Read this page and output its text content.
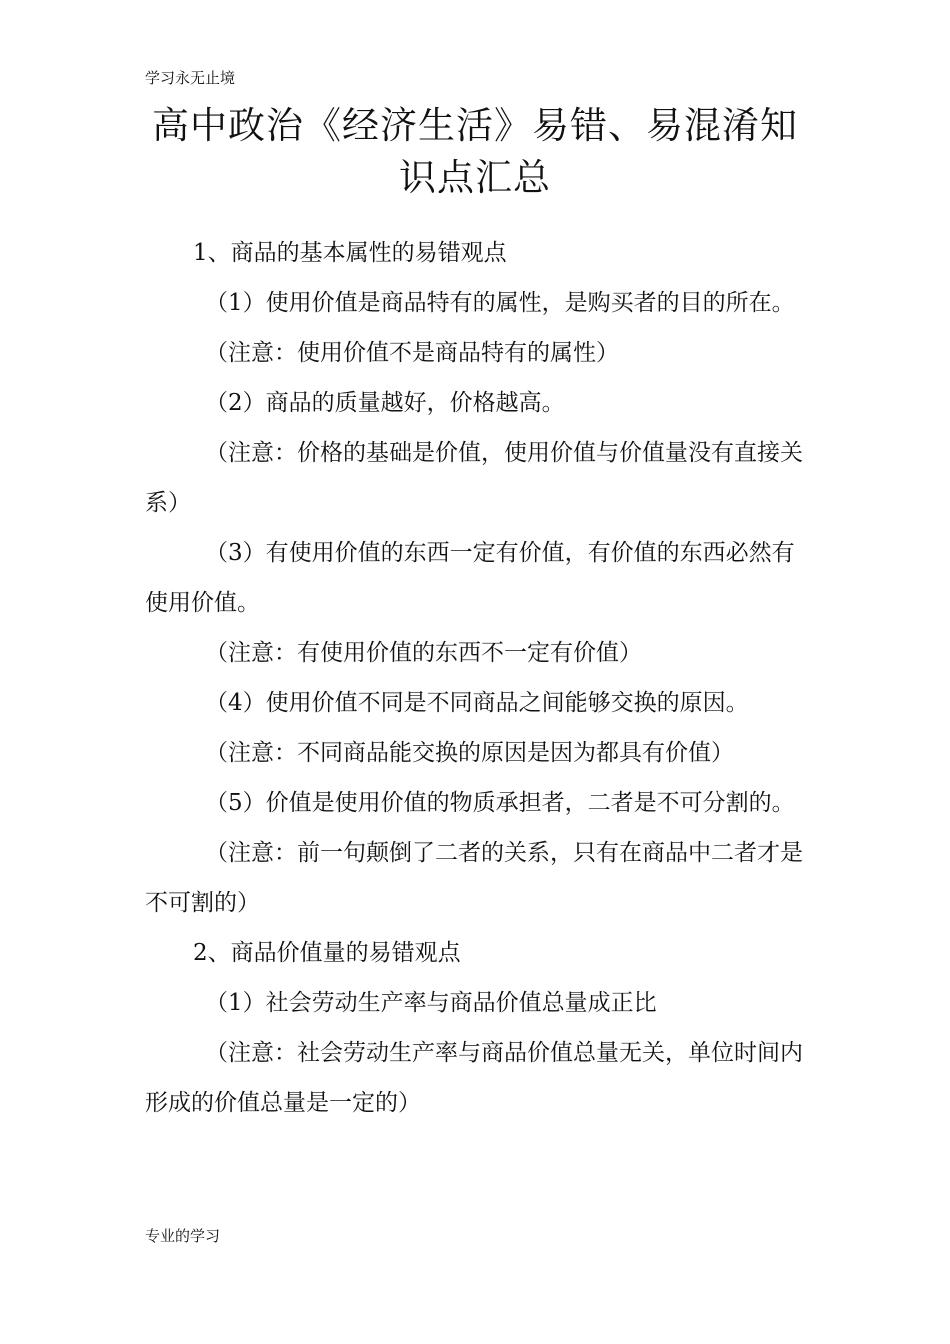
学习永无止境
高中政治《经济生活》易错、易混淆知
识点汇总

1、商品的基本属性的易错观点

（1）使用价值是商品特有的属性，是购买者的目的所在。

（注意：使用价值不是商品特有的属性）

（2）商品的质量越好，价格越高。

（注意：价格的基础是价值，使用价值与价值量没有直接关系）

（3）有使用价值的东西一定有价值，有价值的东西必然有使用价值。

（注意：有使用价值的东西不一定有价值）

（4）使用价值不同是不同商品之间能够交换的原因。

（注意：不同商品能交换的原因是因为都具有价值）

（5）价值是使用价值的物质承担者，二者是不可分割的。

（注意：前一句颠倒了二者的关系，只有在商品中二者才是不可割的）

2、商品价值量的易错观点

（1）社会劳动生产率与商品价值总量成正比

（注意：社会劳动生产率与商品价值总量无关，单位时间内形成的价值总量是一定的）

专业的学习
